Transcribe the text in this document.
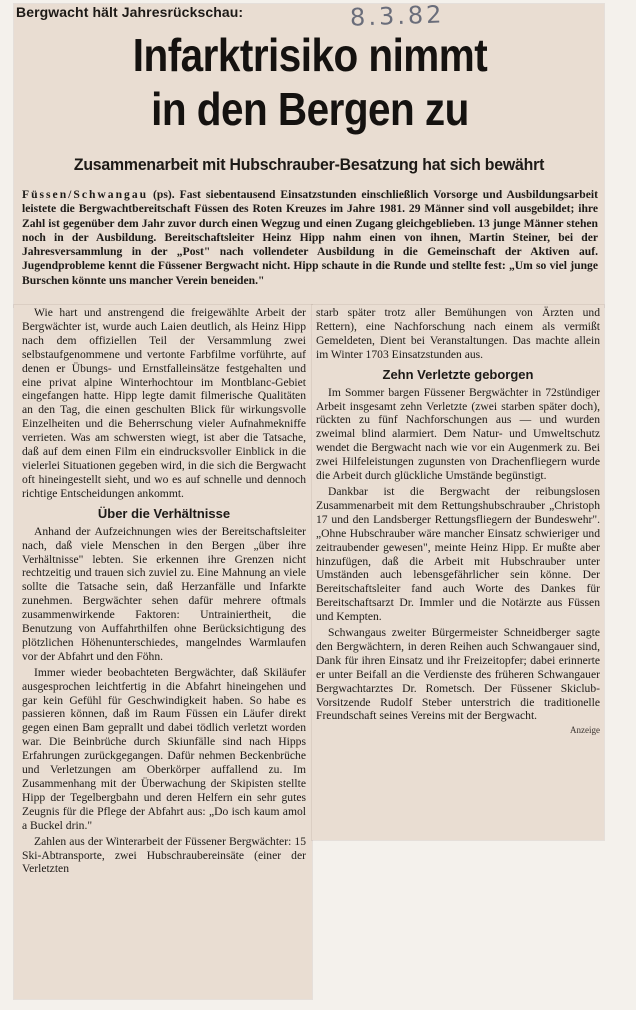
Bergwacht hält Jahresrückschau:	8.3.82
Infarktrisiko nimmt
in den Bergen zu
Zusammenarbeit mit Hubschrauber-Besatzung hat sich bewährt

Füssen/Schwangau (ps). Fast siebentausend Einsatzstunden einschließlich Vorsorge und Ausbildungsarbeit leistete die Bergwachtbereitschaft Füssen des Roten Kreuzes im Jahre 1981. 29 Männer sind voll ausgebildet; ihre Zahl ist gegenüber dem Jahr zuvor durch einen Wegzug und einen Zugang gleichgeblieben. 13 junge Männer stehen noch in der Ausbildung. Bereitschaftsleiter Heinz Hipp nahm einen von ihnen, Martin Steiner, bei der Jahresversammlung in der „Post" nach vollendeter Ausbildung in die Gemeinschaft der Aktiven auf. Jugendprobleme kennt die Füssener Bergwacht nicht. Hipp schaute in die Runde und stellte fest: „Um so viel junge Burschen könnte uns mancher Verein beneiden."

Wie hart und anstrengend die freigewählte Arbeit der Bergwächter ist, wurde auch Laien deutlich, als Heinz Hipp nach dem offiziellen Teil der Versammlung zwei selbstaufgenommene und vertonte Farbfilme vorführte, auf denen er Übungs- und Ernstfalleinsätze festgehalten und eine privat alpine Winterhochtour im Montblanc-Gebiet eingefangen hatte. Hipp legte damit filmerische Qualitäten an den Tag, die einen geschulten Blick für wirkungsvolle Einzelheiten und die Beherrschung vieler Aufnahmekniffe verrieten. Was am schwersten wiegt, ist aber die Tatsache, daß auf dem einen Film ein eindrucksvoller Einblick in die vielerlei Situationen gegeben wird, in die sich die Bergwacht oft hineingestellt sieht, und wo es auf schnelle und dennoch richtige Entscheidungen ankommt.

Über die Verhältnisse

Anhand der Aufzeichnungen wies der Bereitschaftsleiter nach, daß viele Menschen in den Bergen „über ihre Verhältnisse" lebten. Sie erkennen ihre Grenzen nicht rechtzeitig und trauen sich zuviel zu. Eine Mahnung an viele sollte die Tatsache sein, daß Herzanfälle und Infarkte zunehmen. Bergwächter sehen dafür mehrere oftmals zusammenwirkende Faktoren: Untrainiertheit, die Benutzung von Auffahrthilfen ohne Berücksichtigung des plötzlichen Höhenunterschiedes, mangelndes Warmlaufen vor der Abfahrt und den Föhn.

Immer wieder beobachteten Bergwächter, daß Skiläufer ausgesprochen leichtfertig in die Abfahrt hineingehen und gar kein Gefühl für Geschwindigkeit haben. So habe es passieren können, daß im Raum Füssen ein Läufer direkt gegen einen Bam geprallt und dabei tödlich verletzt worden war. Die Beinbrüche durch Skiunfälle sind nach Hipps Erfahrungen zurückgegangen. Dafür nehmen Beckenbrüche und Verletzungen am Oberkörper auffallend zu. Im Zusammenhang mit der Überwachung der Skipisten stellte Hipp der Tegelbergbahn und deren Helfern ein sehr gutes Zeugnis für die Pflege der Abfahrt aus: „Do isch kaum amol a Buckel drin."

Zahlen aus der Winterarbeit der Füssener Bergwächter: 15 Ski-Abtransporte, zwei Hubschraubereinsäte (einer der Verletzten

starb später trotz aller Bemühungen von Ärzten und Rettern), eine Nachforschung nach einem als vermißt Gemeldeten, Dient bei Veranstaltungen. Das machte allein im Winter 1703 Einsatzstunden aus.

Zehn Verletzte geborgen

Im Sommer bargen Füssener Bergwächter in 72stündiger Arbeit insgesamt zehn Verletzte (zwei starben später doch), rückten zu fünf Nachforschungen aus — und wurden zweimal blind alarmiert. Dem Natur- und Umweltschutz wendet die Bergwacht nach wie vor ein Augenmerk zu. Bei zwei Hilfeleistungen zugunsten von Drachenfliegern wurde die Arbeit durch glückliche Umstände begünstigt.

Dankbar ist die Bergwacht der reibungslosen Zusammenarbeit mit dem Rettungshubschrauber „Christoph 17 und den Landsberger Rettungsfliegern der Bundeswehr". „Ohne Hubschrauber wäre mancher Einsatz schwieriger und zeitraubender gewesen", meinte Heinz Hipp. Er mußte aber hinzufügen, daß die Arbeit mit Hubschrauber unter Umständen auch lebensgefährlicher sein könne. Der Bereitschaftsleiter fand auch Worte des Dankes für Bereitschaftsarzt Dr. Immler und die Notärzte aus Füssen und Kempten.

Schwangaus zweiter Bürgermeister Schneidberger sagte den Bergwächtern, in deren Reihen auch Schwangauer sind, Dank für ihren Einsatz und ihr Freizeitopfer; dabei erinnerte er unter Beifall an die Verdienste des früheren Schwangauer Bergwachtarztes Dr. Rometsch. Der Füssener Skiclub-Vorsitzende Rudolf Steber unterstrich die traditionelle Freundschaft seines Vereins mit der Bergwacht.

Anzeige
